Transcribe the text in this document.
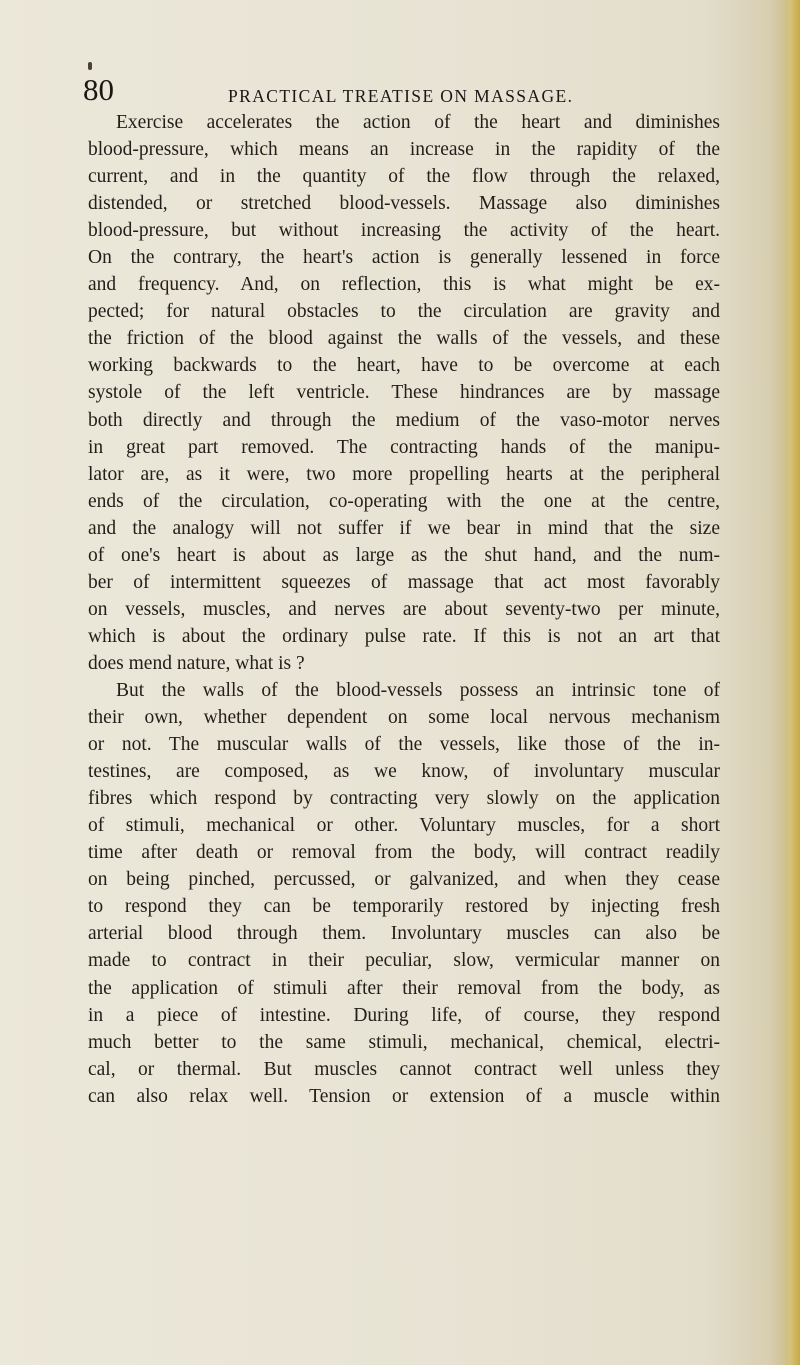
80	PRACTICAL TREATISE ON MASSAGE.
Exercise accelerates the action of the heart and diminishes
blood-pressure, which means an increase in the rapidity of the
current, and in the quantity of the flow through the relaxed,
distended, or stretched blood-vessels. Massage also diminishes
blood-pressure, but without increasing the activity of the heart.
On the contrary, the heart's action is generally lessened in force
and frequency. And, on reflection, this is what might be ex-
pected; for natural obstacles to the circulation are gravity and
the friction of the blood against the walls of the vessels, and these
working backwards to the heart, have to be overcome at each
systole of the left ventricle. These hindrances are by massage
both directly and through the medium of the vaso-motor nerves
in great part removed. The contracting hands of the manipu-
lator are, as it were, two more propelling hearts at the peripheral
ends of the circulation, co-operating with the one at the centre,
and the analogy will not suffer if we bear in mind that the size
of one's heart is about as large as the shut hand, and the num-
ber of intermittent squeezes of massage that act most favorably
on vessels, muscles, and nerves are about seventy-two per minute,
which is about the ordinary pulse rate. If this is not an art that
does mend nature, what is ?
But the walls of the blood-vessels possess an intrinsic tone of
their own, whether dependent on some local nervous mechanism
or not. The muscular walls of the vessels, like those of the in-
testines, are composed, as we know, of involuntary muscular
fibres which respond by contracting very slowly on the application
of stimuli, mechanical or other. Voluntary muscles, for a short
time after death or removal from the body, will contract readily
on being pinched, percussed, or galvanized, and when they cease
to respond they can be temporarily restored by injecting fresh
arterial blood through them. Involuntary muscles can also be
made to contract in their peculiar, slow, vermicular manner on
the application of stimuli after their removal from the body, as
in a piece of intestine. During life, of course, they respond
much better to the same stimuli, mechanical, chemical, electri-
cal, or thermal. But muscles cannot contract well unless they
can also relax well. Tension or extension of a muscle within
